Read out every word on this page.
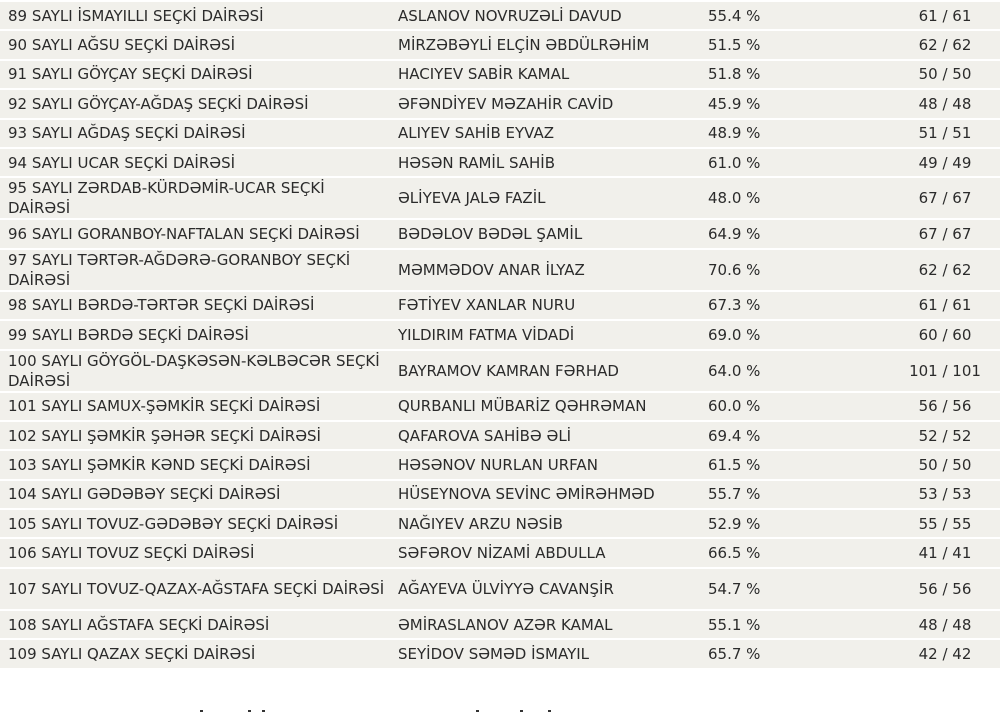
89 SAYLI İSMAYILLI SEÇKİ DAİRƏSİ	ASLANOV NOVRUZƏLİ DAVUD	55.4 %	61 / 61
90 SAYLI AĞSU SEÇKİ DAİRƏSİ	MİRZƏBƏYLİ ELÇİN ƏBDÜLRƏHİM	51.5 %	62 / 62
91 SAYLI GÖYÇAY SEÇKİ DAİRƏSİ	HACIYEV SABİR KAMAL	51.8 %	50 / 50
92 SAYLI GÖYÇAY-AĞDAŞ SEÇKİ DAİRƏSİ	ƏFƏNDİYEV MƏZAHİR CAVİD	45.9 %	48 / 48
93 SAYLI AĞDAŞ SEÇKİ DAİRƏSİ	ALIYEV SAHİB EYVAZ	48.9 %	51 / 51
94 SAYLI UCAR SEÇKİ DAİRƏSİ	HƏSƏN RAMİL SAHİB	61.0 %	49 / 49
95 SAYLI ZƏRDAB-KÜRDƏMİR-UCAR SEÇKİ DAİRƏSİ	ƏLİYEVA JALƏ FAZİL	48.0 %	67 / 67
96 SAYLI GORANBOY-NAFTALAN SEÇKİ DAİRƏSİ	BƏDƏLOV BƏDƏL ŞAMİL	64.9 %	67 / 67
97 SAYLI TƏRTƏR-AĞDƏRƏ-GORANBOY SEÇKİ DAİRƏSİ	MƏMMƏDOV ANAR İLYAZ	70.6 %	62 / 62
98 SAYLI BƏRDƏ-TƏRTƏR SEÇKİ DAİRƏSİ	FƏTİYEV XANLAR NURU	67.3 %	61 / 61
99 SAYLI BƏRDƏ SEÇKİ DAİRƏSİ	YILDIRIM FATMA VİDADİ	69.0 %	60 / 60
100 SAYLI GÖYGÖL-DAŞKƏSƏN-KƏLBƏCƏR SEÇKİ DAİRƏSİ	BAYRAMOV KAMRAN FƏRHAD	64.0 %	101 / 101
101 SAYLI SAMUX-ŞƏMKİR SEÇKİ DAİRƏSİ	QURBANLI MÜBARİZ QƏHRƏMAN	60.0 %	56 / 56
102 SAYLI ŞƏMKİR ŞƏHƏR SEÇKİ DAİRƏSİ	QAFAROVA SAHİBƏ ƏLİ	69.4 %	52 / 52
103 SAYLI ŞƏMKİR KƏND SEÇKİ DAİRƏSİ	HƏSƏNOV NURLAN URFAN	61.5 %	50 / 50
104 SAYLI GƏDƏBƏY SEÇKİ DAİRƏSİ	HÜSEYNOVA SEVİNC ƏMİRƏHMƏD	55.7 %	53 / 53
105 SAYLI TOVUZ-GƏDƏBƏY SEÇKİ DAİRƏSİ	NAĞIYEV ARZU NƏSİB	52.9 %	55 / 55
106 SAYLI TOVUZ SEÇKİ DAİRƏSİ	SƏFƏROV NİZAMİ ABDULLA	66.5 %	41 / 41
107 SAYLI TOVUZ-QAZAX-AĞSTAFA SEÇKİ DAİRƏSİ	AĞAYEVA ÜLVİYYƏ CAVANŞİR	54.7 %	56 / 56
108 SAYLI AĞSTAFA SEÇKİ DAİRƏSİ	ƏMİRASLANOV AZƏR KAMAL	55.1 %	48 / 48
109 SAYLI QAZAX SEÇKİ DAİRƏSİ	SEYİDOV SƏMƏD İSMAYIL	65.7 %	42 / 42
